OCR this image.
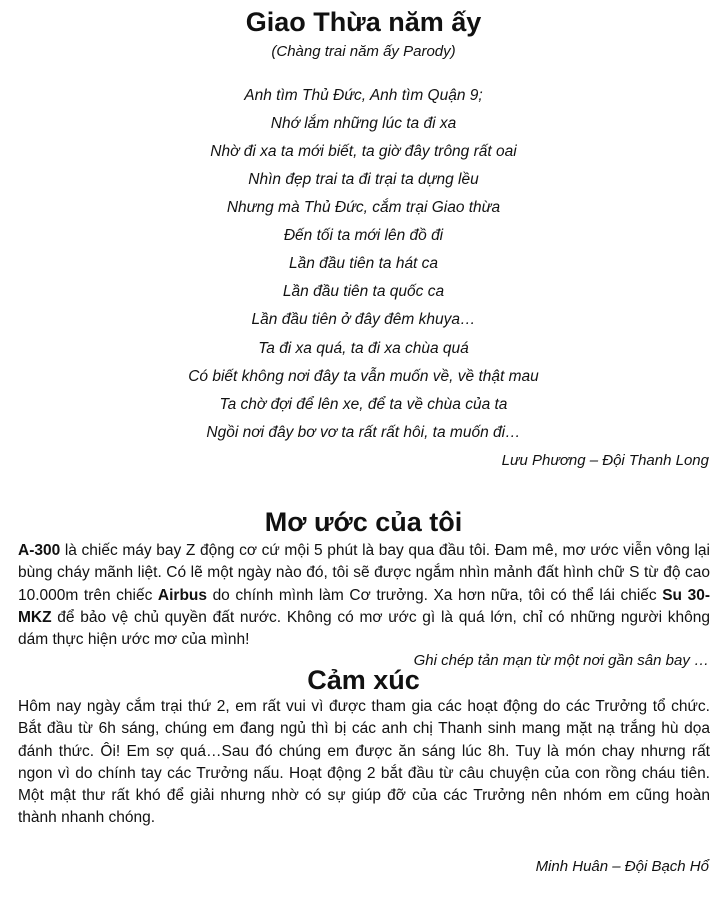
Giao Thừa năm ấy
(Chàng trai năm ấy Parody)
Anh tìm Thủ Đức, Anh tìm Quận 9;
Nhớ lắm những lúc ta đi xa
Nhờ đi xa ta mới biết, ta giờ đây trông rất oai
Nhìn đẹp trai ta đi trại ta dựng lều
Nhưng mà Thủ Đức, cắm trại Giao thừa
Đến tối ta mới lên đồ đi
Lần đầu tiên ta hát ca
Lần đầu tiên ta quốc ca
Lần đầu tiên ở đây đêm khuya…
Ta đi xa quá, ta đi xa chùa quá
Có biết không nơi đây ta vẫn muốn về, về thật mau
Ta chờ đợi để lên xe, để ta về chùa của ta
Ngồi nơi đây bơ vơ ta rất rất hôi, ta muốn đi…
Lưu Phương – Đội Thanh Long
Mơ ước của tôi

A-300 là chiếc máy bay Z động cơ cứ mội 5 phút là bay qua đầu tôi. Đam mê, mơ ước viễn vông lại bùng cháy mãnh liệt. Có lẽ một ngày nào đó, tôi sẽ được ngắm nhìn mảnh đất hình chữ S từ độ cao 10.000m trên chiếc Airbus do chính mình làm Cơ trưởng. Xa hơn nữa, tôi có thể lái chiếc Su 30-MKZ để bảo vệ chủ quyền đất nước. Không có mơ ước gì là quá lớn, chỉ có những người không dám thực hiện ước mơ của mình!

Ghi chép tản mạn từ một nơi gần sân bay …
Cảm xúc

Hôm nay ngày cắm trại thứ 2, em rất vui vì được tham gia các hoạt động do các Trưởng tổ chức. Bắt đầu từ 6h sáng, chúng em đang ngủ thì bị các anh chị Thanh sinh mang mặt nạ trắng hù dọa đánh thức. Ôi! Em sợ quá…Sau đó chúng em được ăn sáng lúc 8h. Tuy là món chay nhưng rất ngon vì do chính tay các Trưởng nấu. Hoạt động 2 bắt đầu từ câu chuyện của con rồng cháu tiên. Một mật thư rất khó để giải nhưng nhờ có sự giúp đỡ của các Trưởng nên nhóm em cũng hoàn thành nhanh chóng.

Minh Huân – Đội Bạch Hổ
